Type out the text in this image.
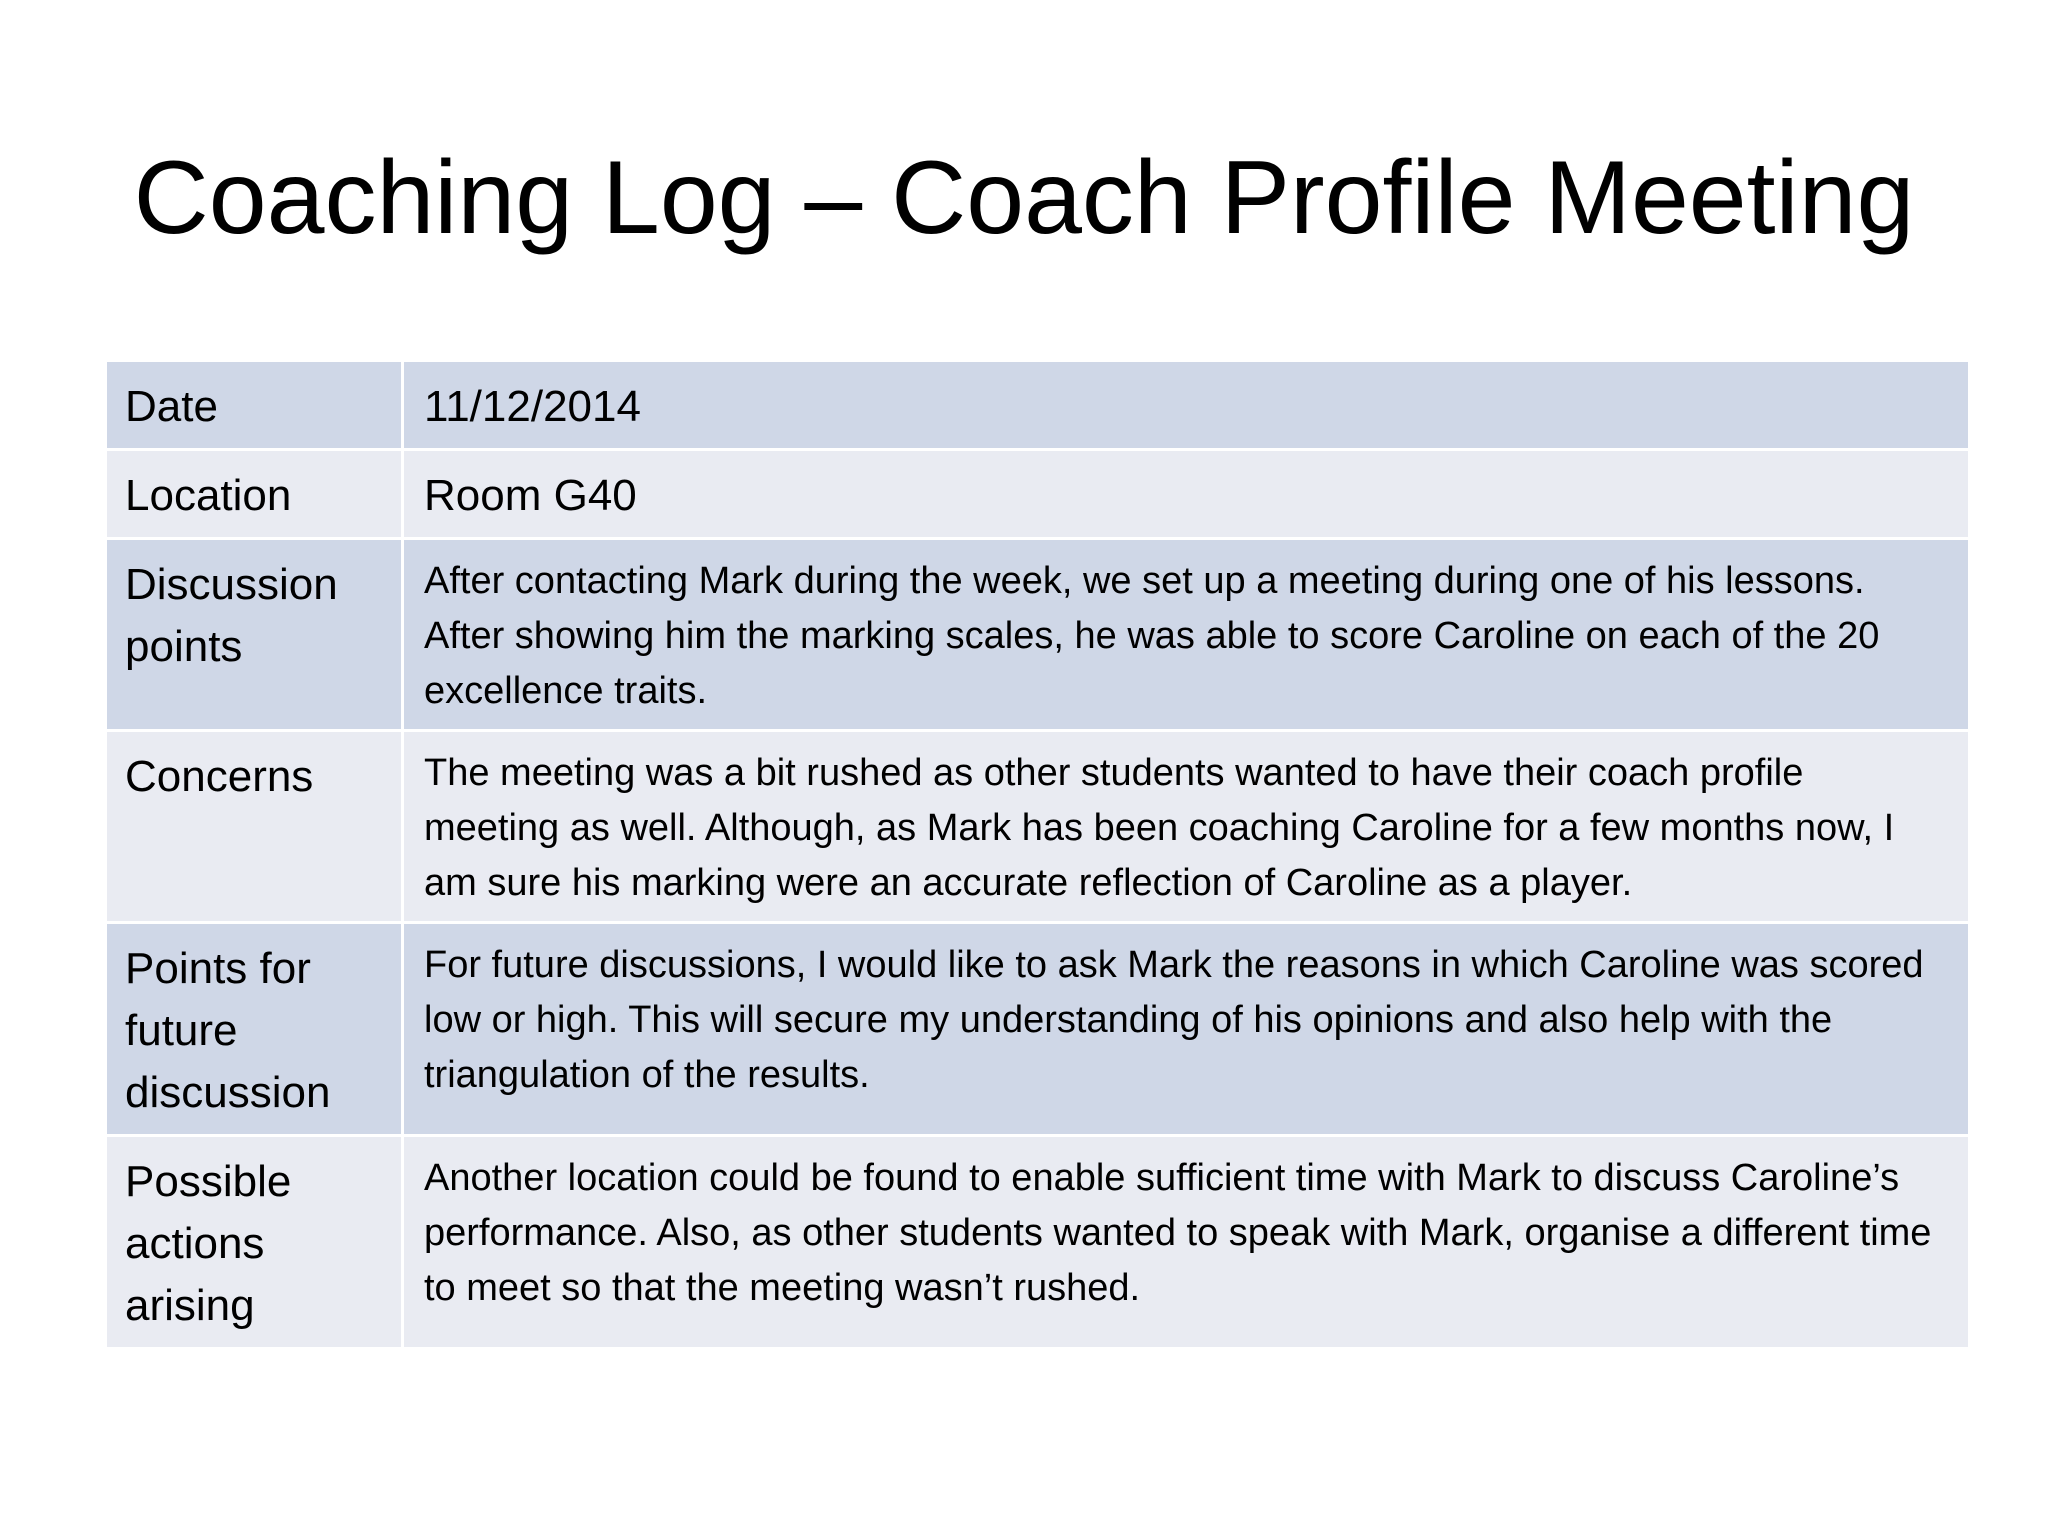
Coaching Log – Coach Profile Meeting
Date	11/12/2014
Location	Room G40
Discussion points	After contacting Mark during the week, we set up a meeting during one of his lessons. After showing him the marking scales, he was able to score Caroline on each of the 20 excellence traits.
Concerns	The meeting was a bit rushed as other students wanted to have their coach profile meeting as well. Although, as Mark has been coaching Caroline for a few months now, I am sure his marking were an accurate reflection of Caroline as a player.
Points for future discussion	For future discussions, I would like to ask Mark the reasons in which Caroline was scored low or high. This will secure my understanding of his opinions and also help with the triangulation of the results.
Possible actions arising	Another location could be found to enable sufficient time with Mark to discuss Caroline’s performance. Also, as other students wanted to speak with Mark, organise a different time to meet so that the meeting wasn’t rushed.
